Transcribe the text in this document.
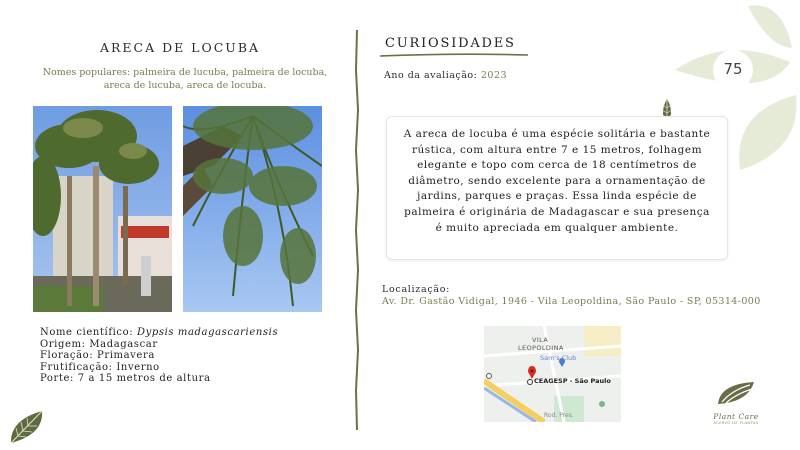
ARECA DE LOCUBA
Nomes populares: palmeira de lucuba, palmeira de locuba, areca de lucuba, areca de locuba.
Nome científico: Dypsis madagascariensis
Origem: Madagascar
Floração: Primavera
Frutificação: Inverno
Porte: 7 a 15 metros de altura
CURIOSIDADES
Ano da avaliação: 2023
A areca de locuba é uma espécie solitária e bastante rústica, com altura entre 7 e 15 metros, folhagem elegante e topo com cerca de 18 centímetros de diâmetro, sendo excelente para a ornamentação de jardins, parques e praças. Essa linda espécie de palmeira é originária de Madagascar e sua presença é muito apreciada em qualquer ambiente.
Localização:
Av. Dr. Gastão Vidigal, 1946 - Vila Leopoldina, São Paulo - SP, 05314-000
VILA
LEOPOLDINA
Sam's Club
CEAGESP - São Paulo
Rod. Pres.
75
Plant Care
ACERVO DE PLANTAS
